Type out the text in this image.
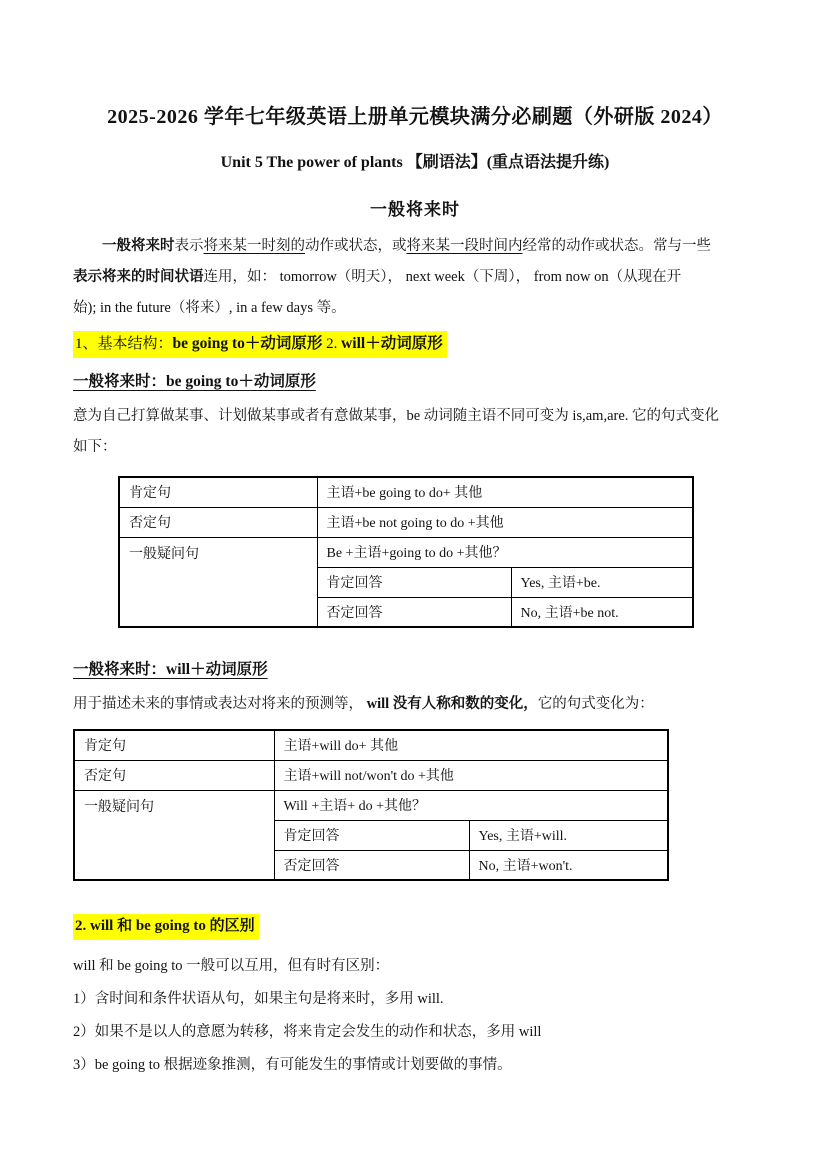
2025-2026 学年七年级英语上册单元模块满分必刷题（外研版 2024）
Unit 5 The power of plants 【刷语法】(重点语法提升练)
一般将来时
一般将来时表示将来某一时刻的动作或状态，或将来某一段时间内经常的动作或状态。常与一些
表示将来的时间状语连用，如： tomorrow（明天）， next week（下周）， from now on（从现在开
始); in the future（将来）, in a few days 等。
1、基本结构：be going to＋动词原形 2. will＋动词原形
一般将来时：be going to＋动词原形
意为自己打算做某事、计划做某事或者有意做某事，be 动词随主语不同可变为 is,am,are. 它的句式变化
如下：
肯定句	主语+be going to do+ 其他	
否定句	主语+be not going to do +其他	
一般疑问句	Be +主语+going to do +其他？	
	肯定回答	Yes, 主语+be.
	否定回答	No, 主语+be not.
一般将来时：will＋动词原形
用于描述未来的事情或表达对将来的预测等， will 没有人称和数的变化，它的句式变化为：
肯定句	主语+will do+ 其他	
否定句	主语+will not/won't do +其他	
一般疑问句	Will +主语+ do +其他？	
	肯定回答	Yes, 主语+will.
	否定回答	No, 主语+won't.
2. will 和 be going to 的区别
will 和 be going to 一般可以互用，但有时有区别：
1）含时间和条件状语从句，如果主句是将来时，多用 will.
2）如果不是以人的意愿为转移，将来肯定会发生的动作和状态，多用 will
3）be going to 根据迹象推测，有可能发生的事情或计划要做的事情。
